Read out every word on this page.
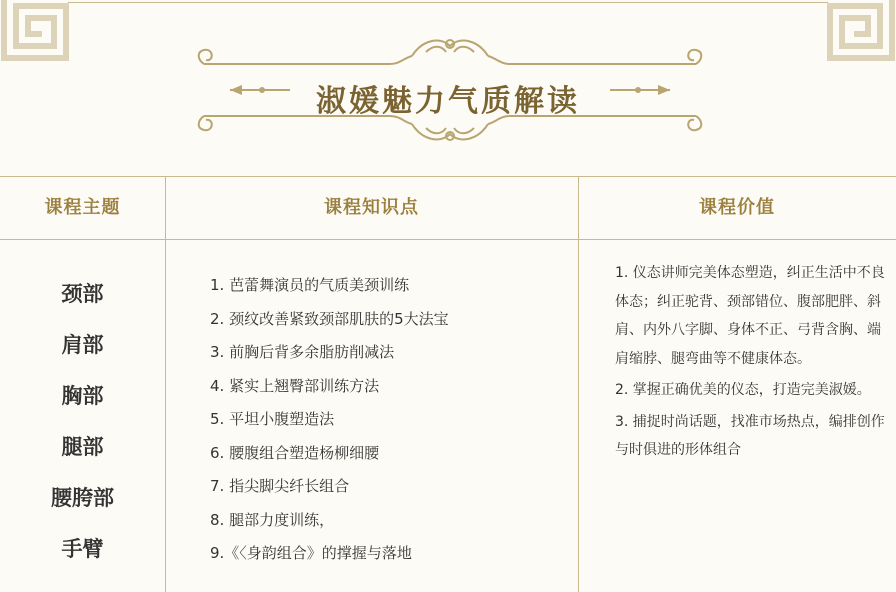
淑媛魅力气质解读
课程主题	课程知识点	课程价值
颈部
肩部
胸部
腿部
腰胯部
手臂
1. 芭蕾舞演员的气质美颈训练
2. 颈纹改善紧致颈部肌肤的5大法宝
3. 前胸后背多余脂肪削减法
4. 紧实上翘臀部训练方法
5. 平坦小腹塑造法
6. 腰腹组合塑造杨柳细腰
7. 指尖脚尖纤长组合
8. 腿部力度训练，
9.《〈身韵组合》的撑握与落地
1. 仪态讲师完美体态塑造，纠正生活中不良体态；纠正驼背、颈部错位、腹部肥胖、斜肩、内外八字脚、身体不正、弓背含胸、端肩缩脖、腿弯曲等不健康体态。
2. 掌握正确优美的仪态，打造完美淑媛。
3. 捕捉时尚话题，找准市场热点，编排创作与时俱进的形体组合
